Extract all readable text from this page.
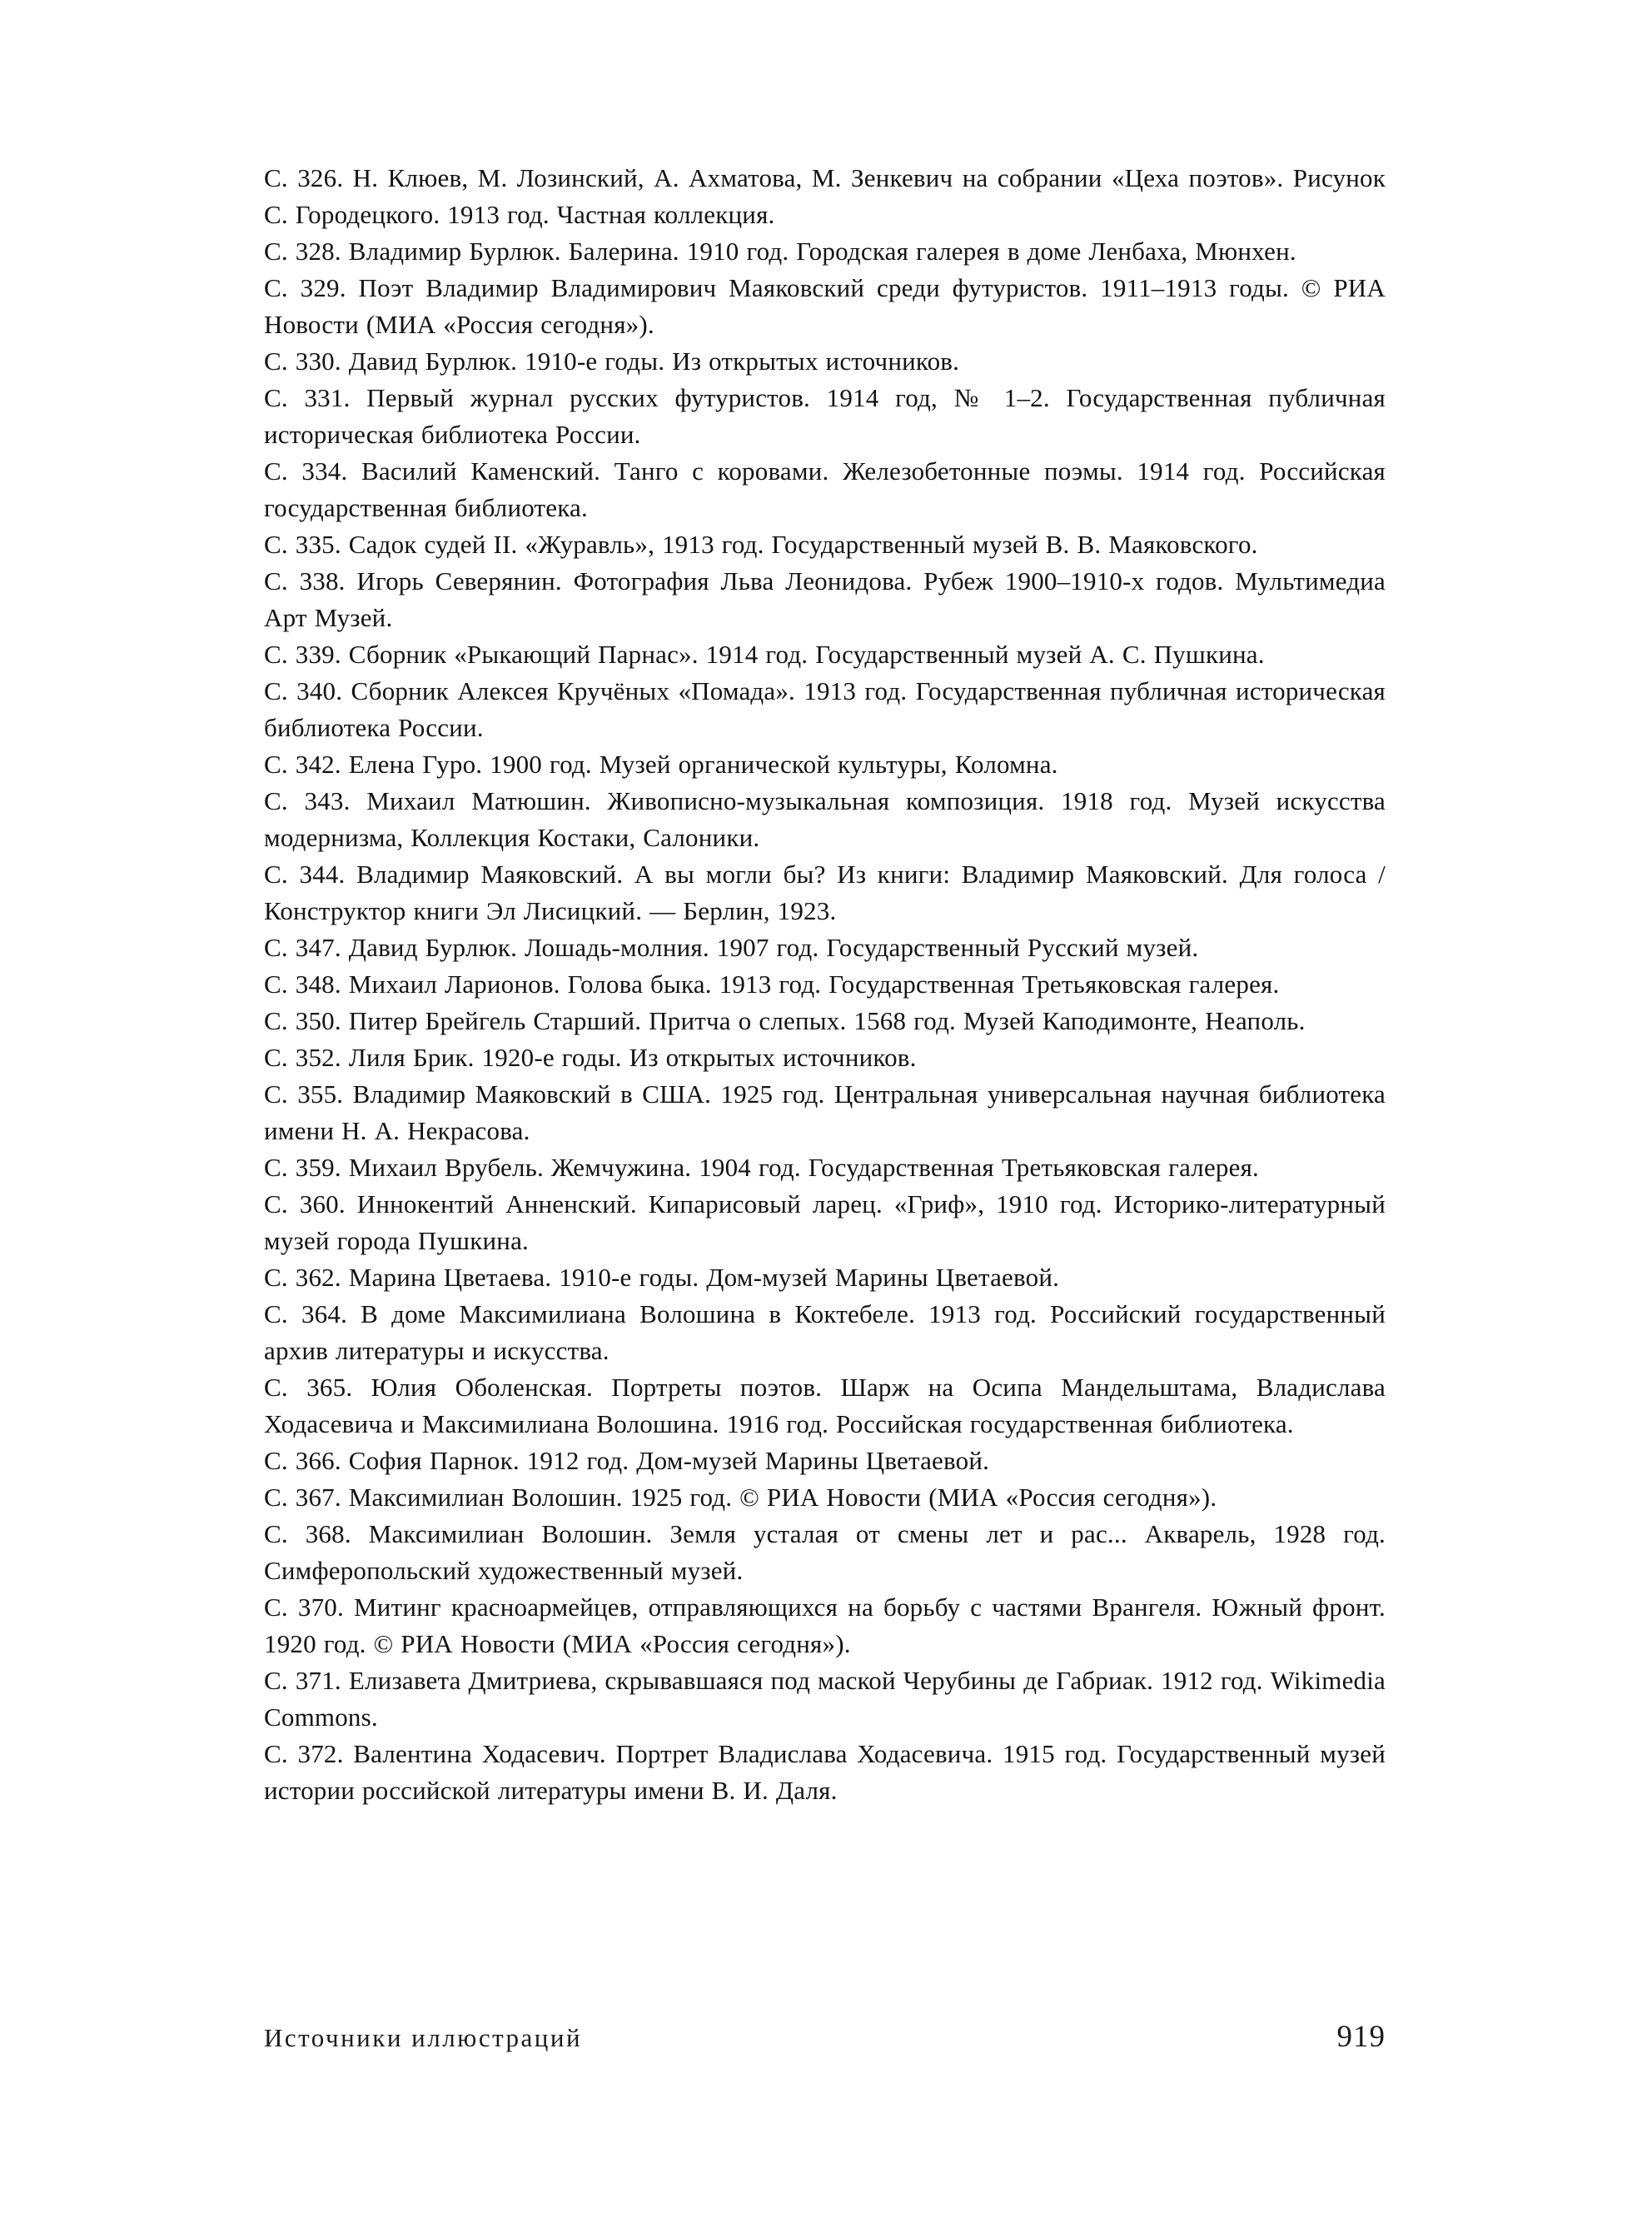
С. 326. Н. Клюев, М. Лозинский, А. Ахматова, М. Зенкевич на собрании «Цеха поэтов». Рисунок С. Городецкого. 1913 год. Частная коллекция.

С. 328. Владимир Бурлюк. Балерина. 1910 год. Городская галерея в доме Ленбаха, Мюнхен.

С. 329. Поэт Владимир Владимирович Маяковский среди футуристов. 1911–1913 годы. © РИА Новости (МИА «Россия сегодня»).

С. 330. Давид Бурлюк. 1910-е годы. Из открытых источников.

С. 331. Первый журнал русских футуристов. 1914 год, № 1–2. Государственная публичная историческая библиотека России.

С. 334. Василий Каменский. Танго с коровами. Железобетонные поэмы. 1914 год. Российская государственная библиотека.

С. 335. Садок судей II. «Журавль», 1913 год. Государственный музей В. В. Маяковского.

С. 338. Игорь Северянин. Фотография Льва Леонидова. Рубеж 1900–1910-х годов. Мультимедиа Арт Музей.

С. 339. Сборник «Рыкающий Парнас». 1914 год. Государственный музей А. С. Пушкина.

С. 340. Сборник Алексея Кручёных «Помада». 1913 год. Государственная публичная историческая библиотека России.

С. 342. Елена Гуро. 1900 год. Музей органической культуры, Коломна.

С. 343. Михаил Матюшин. Живописно-музыкальная композиция. 1918 год. Музей искусства модернизма, Коллекция Костаки, Салоники.

С. 344. Владимир Маяковский. А вы могли бы? Из книги: Владимир Маяковский. Для голоса / Конструктор книги Эл Лисицкий. — Берлин, 1923.

С. 347. Давид Бурлюк. Лошадь-молния. 1907 год. Государственный Русский музей.

С. 348. Михаил Ларионов. Голова быка. 1913 год. Государственная Третьяковская галерея.

С. 350. Питер Брейгель Старший. Притча о слепых. 1568 год. Музей Каподимонте, Неаполь.

С. 352. Лиля Брик. 1920-е годы. Из открытых источников.

С. 355. Владимир Маяковский в США. 1925 год. Центральная универсальная научная библиотека имени Н. А. Некрасова.

С. 359. Михаил Врубель. Жемчужина. 1904 год. Государственная Третьяковская галерея.

С. 360. Иннокентий Анненский. Кипарисовый ларец. «Гриф», 1910 год. Историко-литературный музей города Пушкина.

С. 362. Марина Цветаева. 1910-е годы. Дом-музей Марины Цветаевой.

С. 364. В доме Максимилиана Волошина в Коктебеле. 1913 год. Российский государственный архив литературы и искусства.

С. 365. Юлия Оболенская. Портреты поэтов. Шарж на Осипа Мандельштама, Владислава Ходасевича и Максимилиана Волошина. 1916 год. Российская государственная библиотека.

С. 366. София Парнок. 1912 год. Дом-музей Марины Цветаевой.

С. 367. Максимилиан Волошин. 1925 год. © РИА Новости (МИА «Россия сегодня»).

С. 368. Максимилиан Волошин. Земля усталая от смены лет и рас... Акварель, 1928 год. Симферопольский художественный музей.

С. 370. Митинг красноармейцев, отправляющихся на борьбу с частями Врангеля. Южный фронт. 1920 год. © РИА Новости (МИА «Россия сегодня»).

С. 371. Елизавета Дмитриева, скрывавшаяся под маской Черубины де Габриак. 1912 год. Wikimedia Commons.

С. 372. Валентина Ходасевич. Портрет Владислава Ходасевича. 1915 год. Государственный музей истории российской литературы имени В. И. Даля.

Источники иллюстраций	919
